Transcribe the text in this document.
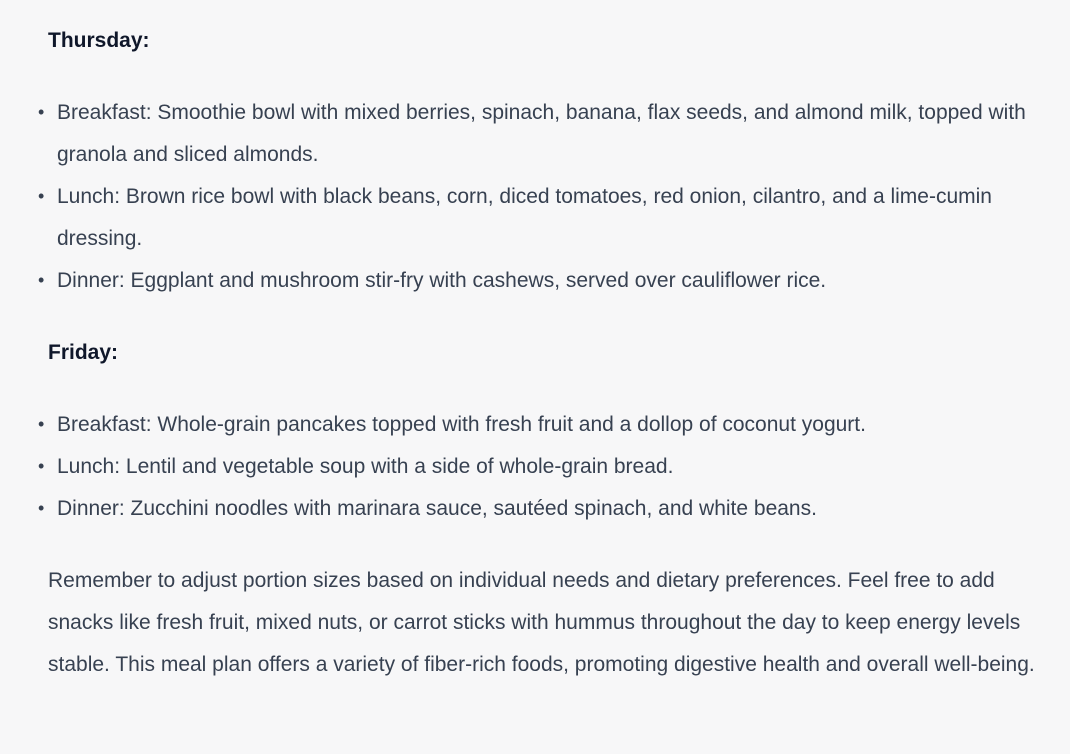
Thursday:
• Breakfast: Smoothie bowl with mixed berries, spinach, banana, flax seeds, and almond milk, topped with granola and sliced almonds.
• Lunch: Brown rice bowl with black beans, corn, diced tomatoes, red onion, cilantro, and a lime-cumin dressing.
• Dinner: Eggplant and mushroom stir-fry with cashews, served over cauliflower rice.
Friday:
• Breakfast: Whole-grain pancakes topped with fresh fruit and a dollop of coconut yogurt.
• Lunch: Lentil and vegetable soup with a side of whole-grain bread.
• Dinner: Zucchini noodles with marinara sauce, sautéed spinach, and white beans.

Remember to adjust portion sizes based on individual needs and dietary preferences. Feel free to add snacks like fresh fruit, mixed nuts, or carrot sticks with hummus throughout the day to keep energy levels stable. This meal plan offers a variety of fiber-rich foods, promoting digestive health and overall well-being.
